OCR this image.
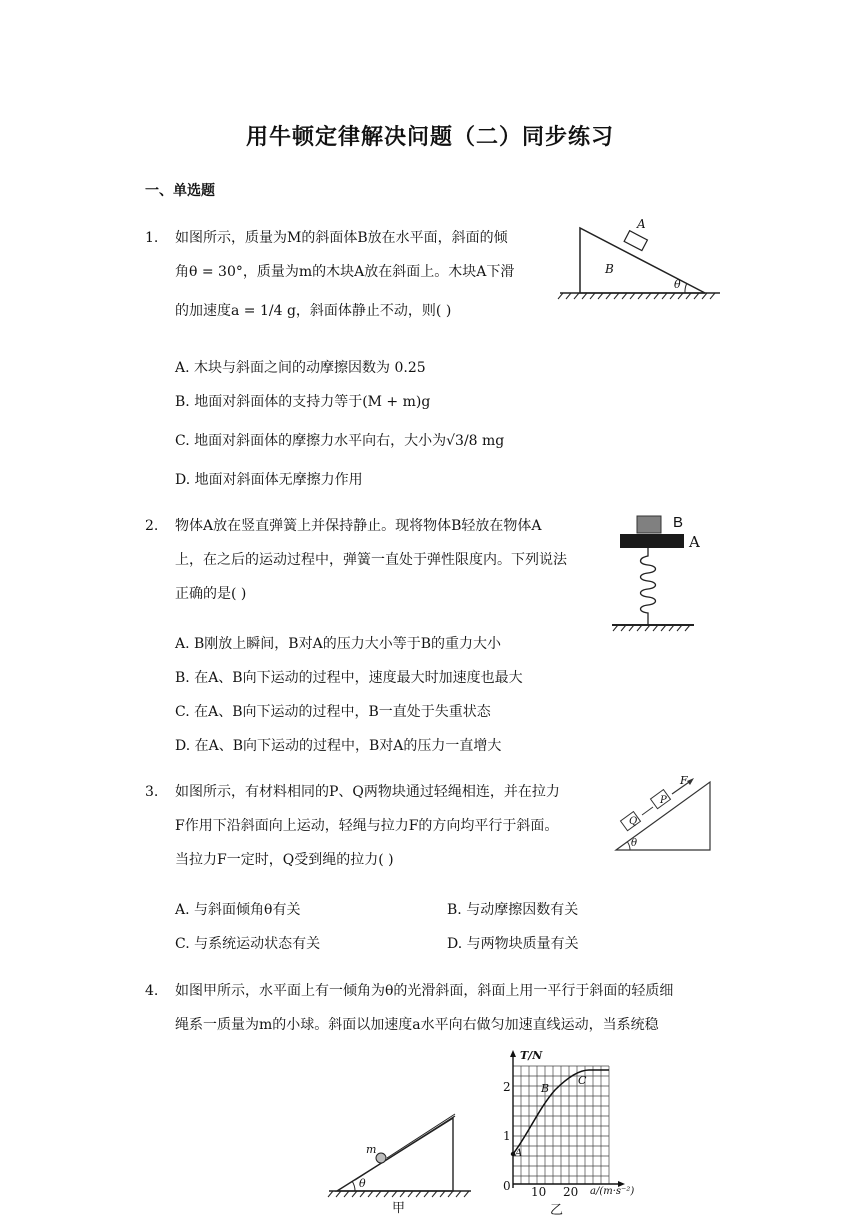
用牛顿定律解决问题（二）同步练习
一、单选题
1. 如图所示，质量为M的斜面体B放在水平面，斜面的倾
角θ = 30°，质量为m的木块A放在斜面上。木块A下滑
的加速度a = 1/4 g，斜面体静止不动，则( )
A
B
θ
A. 木块与斜面之间的动摩擦因数为 0.25
B. 地面对斜面体的支持力等于(M + m)g
C. 地面对斜面体的摩擦力水平向右，大小为√3/8 mg
D. 地面对斜面体无摩擦力作用
2. 物体A放在竖直弹簧上并保持静止。现将物体B轻放在物体A
上，在之后的运动过程中，弹簧一直处于弹性限度内。下列说法
正确的是( )
B
A
A. B刚放上瞬间，B对A的压力大小等于B的重力大小
B. 在A、B向下运动的过程中，速度最大时加速度也最大
C. 在A、B向下运动的过程中，B一直处于失重状态
D. 在A、B向下运动的过程中，B对A的压力一直增大
3. 如图所示，有材料相同的P、Q两物块通过轻绳相连，并在拉力
F作用下沿斜面向上运动，轻绳与拉力F的方向均平行于斜面。
当拉力F一定时，Q受到绳的拉力( )
F
P
Q
θ
A. 与斜面倾角θ有关	B. 与动摩擦因数有关
C. 与系统运动状态有关	D. 与两物块质量有关
4. 如图甲所示，水平面上有一倾角为θ的光滑斜面，斜面上用一平行于斜面的轻质细
绳系一质量为m的小球。斜面以加速度a水平向右做匀加速直线运动，当系统稳
m
θ
甲
T/N
2
1
0 10 20 a/(m·s⁻²)
A
B
C
乙
